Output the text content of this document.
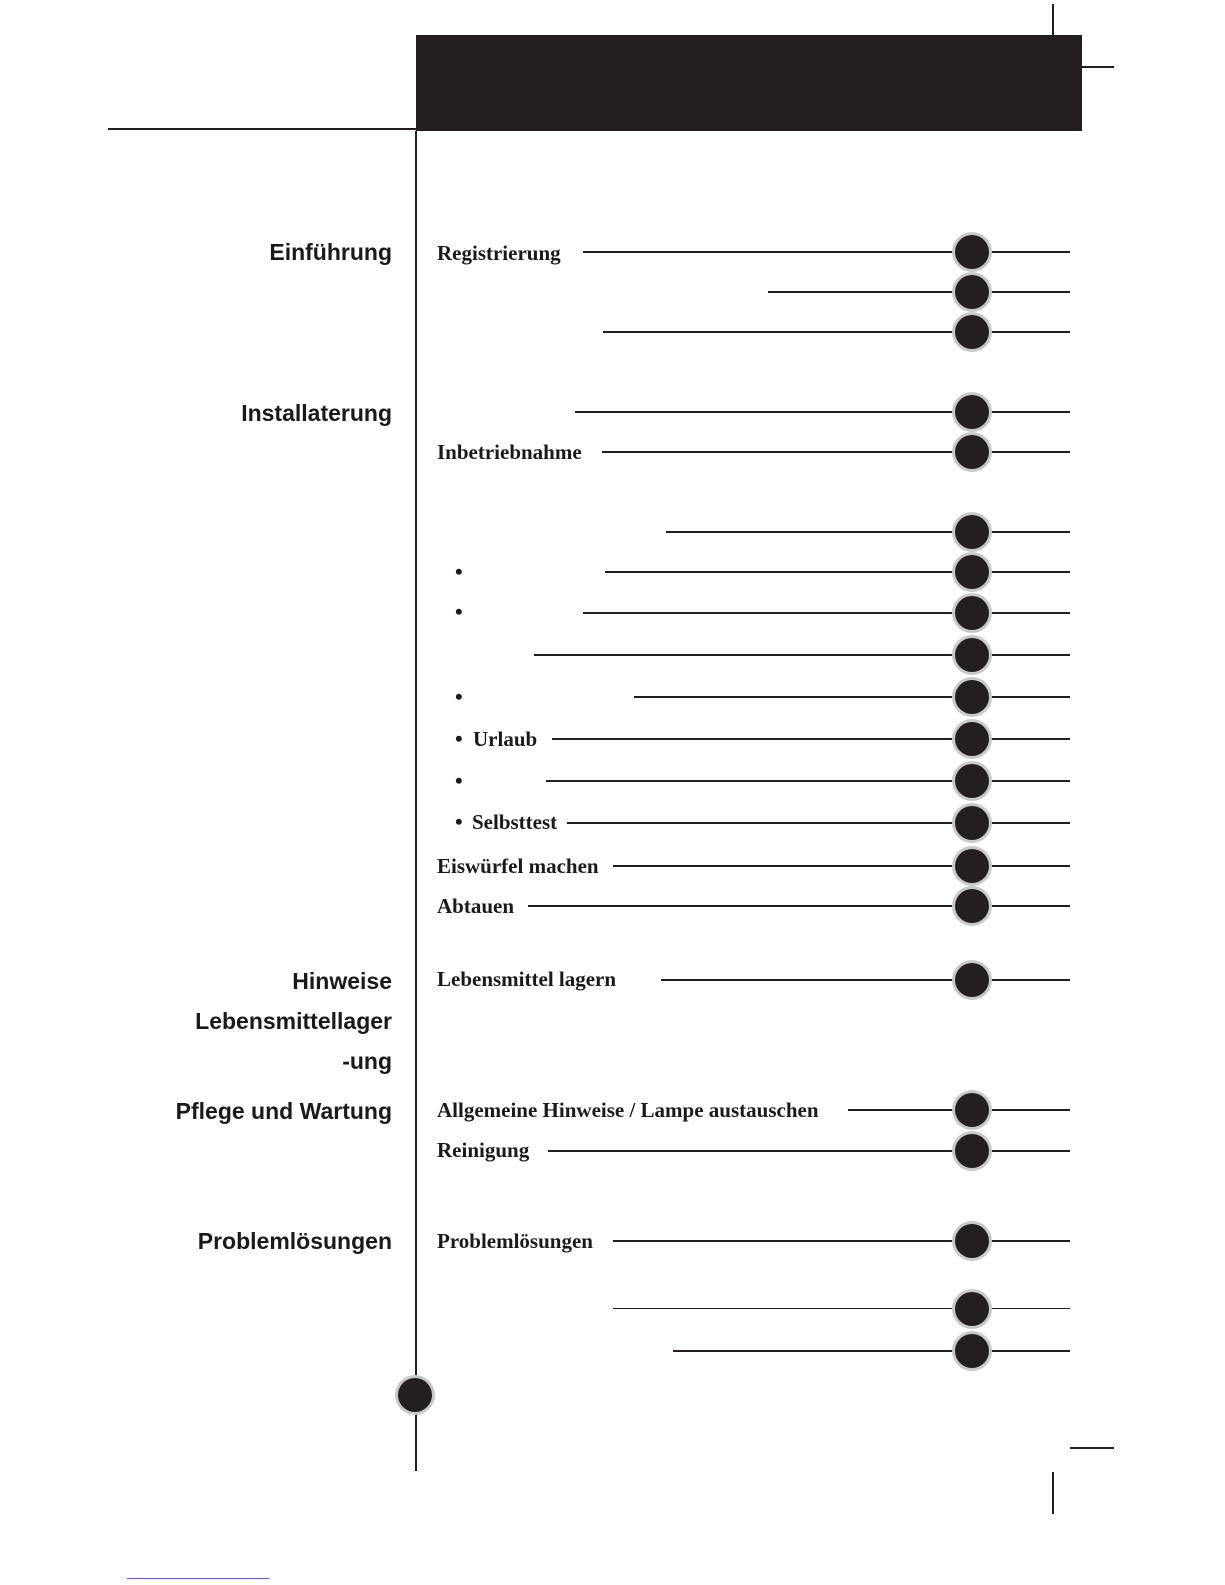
Einführung
Installaterung
Hinweise
Lebensmittellager
-ung
Pflege und Wartung
Problemlösungen
Registrierung
Inbetriebnahme
•
•
•
• Urlaub
•
• Selbsttest
Eiswürfel machen
Abtauen
Lebensmittel lagern
Allgemeine Hinweise / Lampe austauschen
Reinigung
Problemlösungen
